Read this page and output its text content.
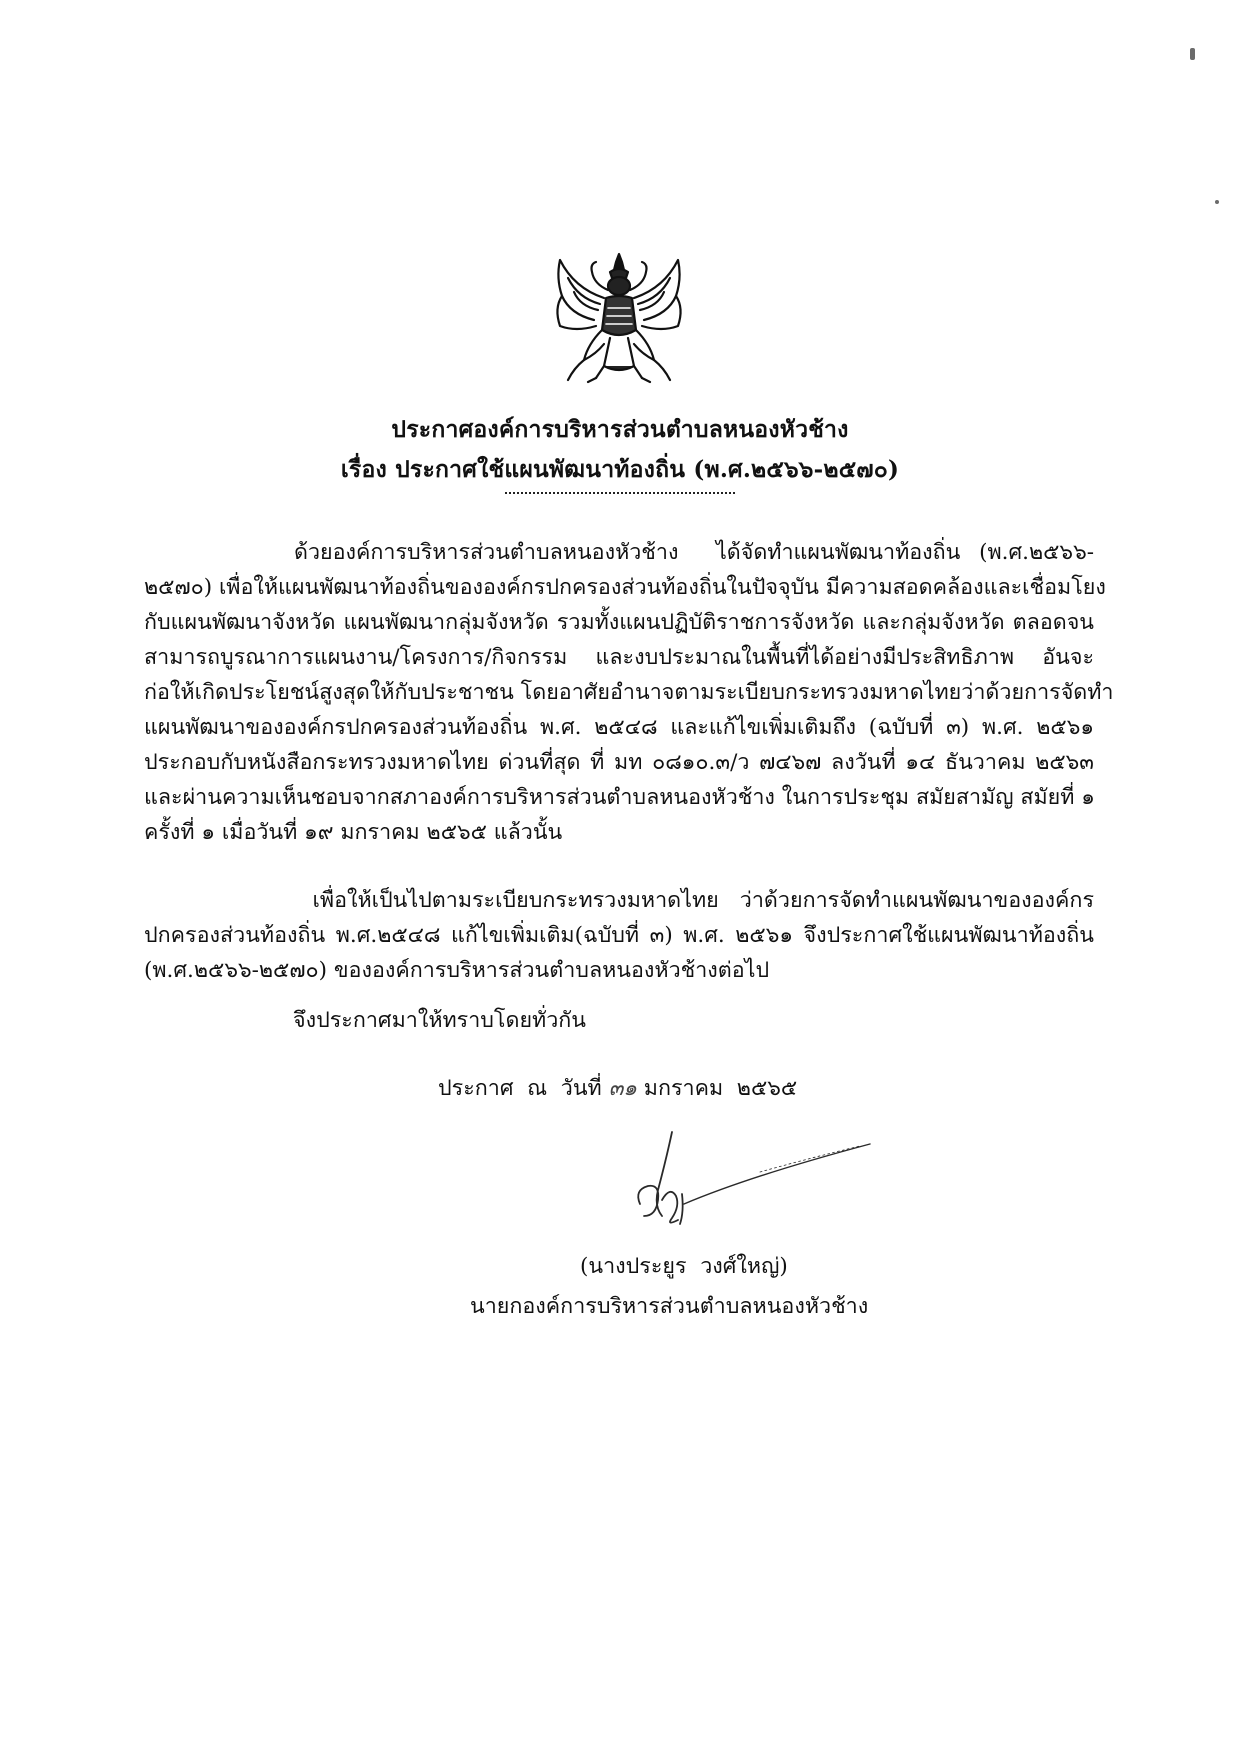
ประกาศองค์การบริหารส่วนตำบลหนองหัวช้าง
เรื่อง ประกาศใช้แผนพัฒนาท้องถิ่น (พ.ศ.๒๕๖๖-๒๕๗๐)
ด้วยองค์การบริหารส่วนตำบลหนองหัวช้าง  ได้จัดทำแผนพัฒนาท้องถิ่น (พ.ศ.๒๕๖๖-
๒๕๗๐) เพื่อให้แผนพัฒนาท้องถิ่นขององค์กรปกครองส่วนท้องถิ่นในปัจจุบัน มีความสอดคล้องและเชื่อมโยง
กับแผนพัฒนาจังหวัด แผนพัฒนากลุ่มจังหวัด รวมทั้งแผนปฏิบัติราชการจังหวัด และกลุ่มจังหวัด ตลอดจน
สามารถบูรณาการแผนงาน/โครงการ/กิจกรรม และงบประมาณในพื้นที่ได้อย่างมีประสิทธิภาพ อันจะ
ก่อให้เกิดประโยชน์สูงสุดให้กับประชาชน โดยอาศัยอำนาจตามระเบียบกระทรวงมหาดไทยว่าด้วยการจัดทำ
แผนพัฒนาขององค์กรปกครองส่วนท้องถิ่น พ.ศ. ๒๕๔๘ และแก้ไขเพิ่มเติมถึง (ฉบับที่ ๓) พ.ศ. ๒๕๖๑
ประกอบกับหนังสือกระทรวงมหาดไทย ด่วนที่สุด ที่ มท ๐๘๑๐.๓/ว ๗๔๖๗ ลงวันที่ ๑๔ ธันวาคม ๒๕๖๓
และผ่านความเห็นชอบจากสภาองค์การบริหารส่วนตำบลหนองหัวช้าง ในการประชุม สมัยสามัญ สมัยที่ ๑
ครั้งที่ ๑ เมื่อวันที่ ๑๙ มกราคม ๒๕๖๕ แล้วนั้น
เพื่อให้เป็นไปตามระเบียบกระทรวงมหาดไทย ว่าด้วยการจัดทำแผนพัฒนาขององค์กร
ปกครองส่วนท้องถิ่น พ.ศ.๒๕๔๘ แก้ไขเพิ่มเติม(ฉบับที่ ๓) พ.ศ. ๒๕๖๑ จึงประกาศใช้แผนพัฒนาท้องถิ่น
(พ.ศ.๒๕๖๖-๒๕๗๐) ขององค์การบริหารส่วนตำบลหนองหัวช้างต่อไป
จึงประกาศมาให้ทราบโดยทั่วกัน
ประกาศ  ณ  วันที่ ๓๑ มกราคม  ๒๕๖๕
(นางประยูร  วงศ์ใหญ่)
นายกองค์การบริหารส่วนตำบลหนองหัวช้าง
